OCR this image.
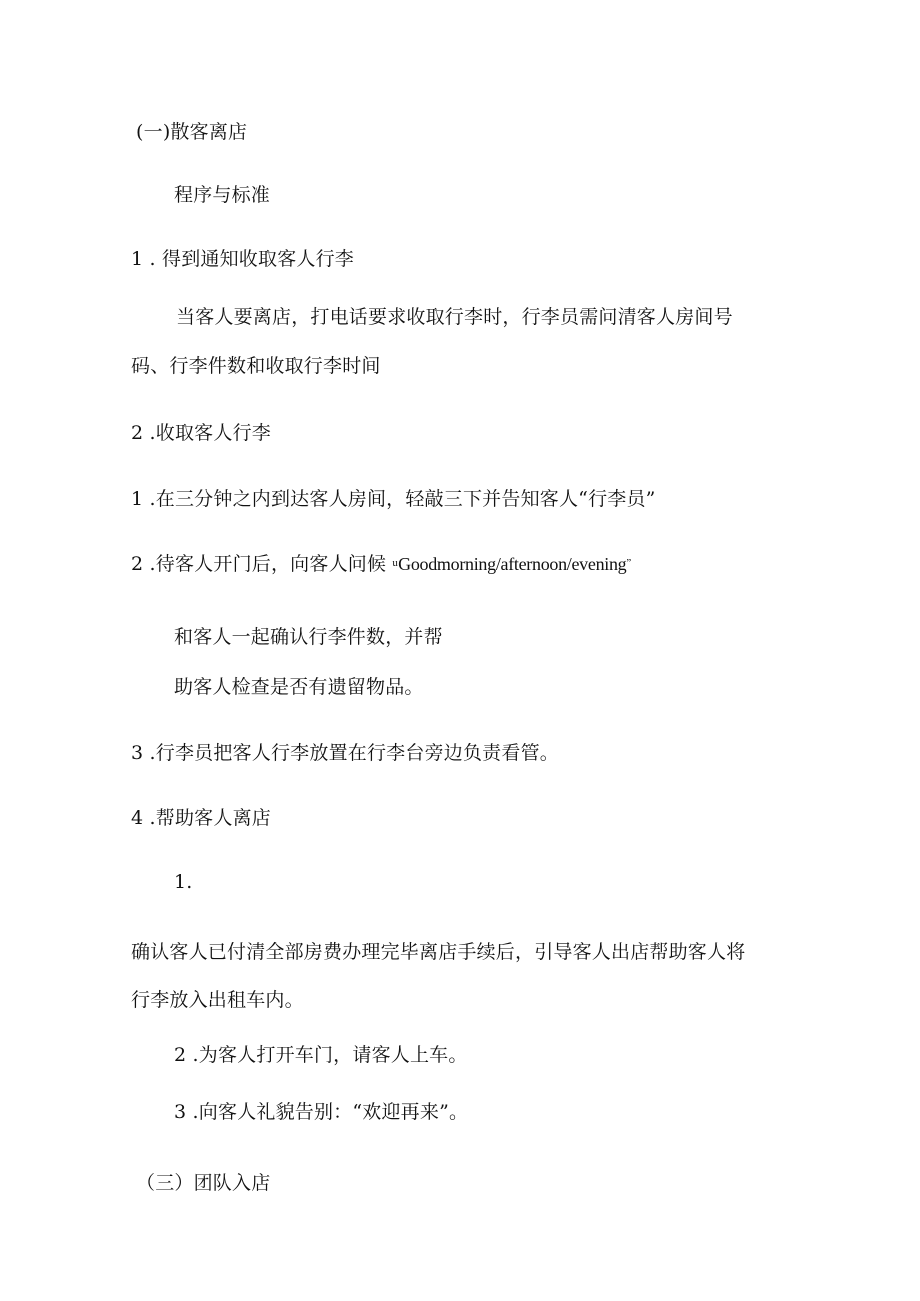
(一)散客离店
程序与标准
1 . 得到通知收取客人行李
当客人要离店，打电话要求收取行李时，行李员需问清客人房间号
码、行李件数和收取行李时间
2 .收取客人行李
1 .在三分钟之内到达客人房间，轻敲三下并告知客人“行李员”
2 .待客人开门后，向客人问候 $^u$Goodmorning/afternoon/evening”
和客人一起确认行李件数，并帮
助客人检查是否有遗留物品。
3 .行李员把客人行李放置在行李台旁边负责看管。
4 .帮助客人离店
1.
确认客人已付清全部房费办理完毕离店手续后，引导客人出店帮助客人将
行李放入出租车内。
2 .为客人打开车门，请客人上车。
3 .向客人礼貌告别：“欢迎再来”。
（三）团队入店
